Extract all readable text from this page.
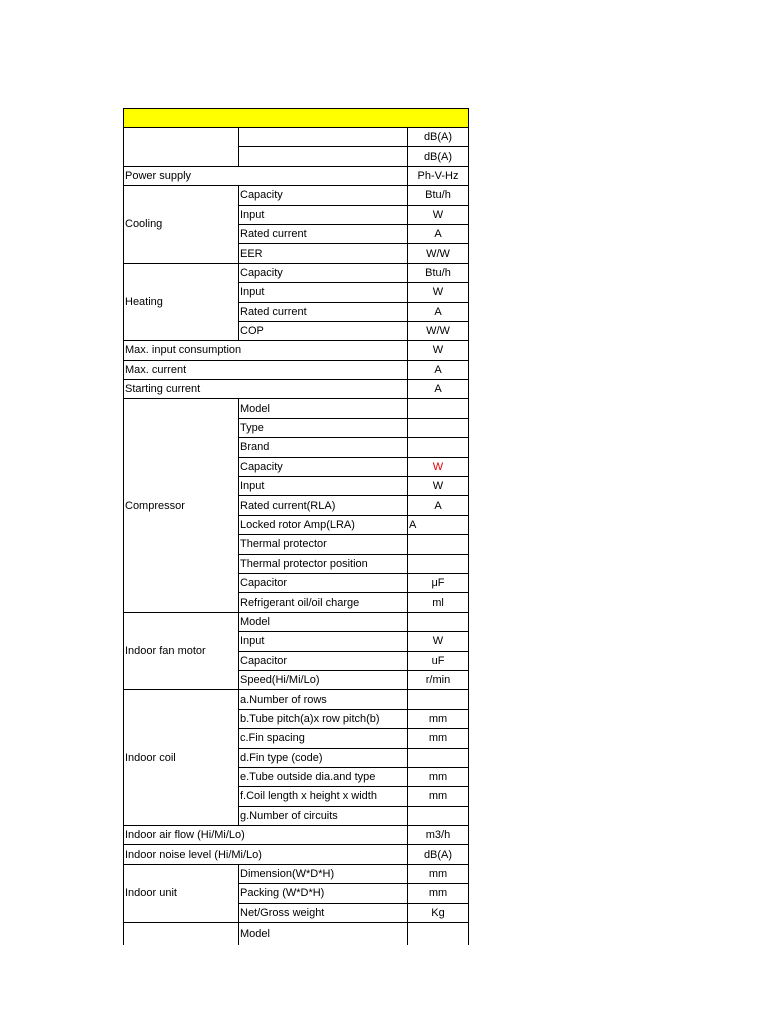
		dB(A)
		dB(A)
Power supply		Ph-V-Hz
Cooling	Capacity	Btu/h
	Input	W
	Rated current	A
	EER	W/W
Heating	Capacity	Btu/h
	Input	W
	Rated current	A
	COP	W/W
Max. input consumption		W
Max. current		A
Starting current		A
Compressor	Model	
	Type	
	Brand	
	Capacity	W
	Input	W
	Rated current(RLA)	A
	Locked rotor Amp(LRA)	A
	Thermal protector	
	Thermal protector position	
	Capacitor	μF
	Refrigerant oil/oil charge	ml
Indoor fan motor	Model	
	Input	W
	Capacitor	uF
	Speed(Hi/Mi/Lo)	r/min
Indoor coil	a.Number of rows	
	b.Tube pitch(a)x row pitch(b)	mm
	c.Fin spacing	mm
	d.Fin type (code)	
	e.Tube outside dia.and type	mm
	f.Coil length x height x width	mm
	g.Number of circuits	
Indoor air flow (Hi/Mi/Lo)		m3/h
Indoor noise level (Hi/Mi/Lo)		dB(A)
Indoor unit	Dimension(W*D*H)	mm
	Packing (W*D*H)	mm
	Net/Gross weight	Kg
	Model	
